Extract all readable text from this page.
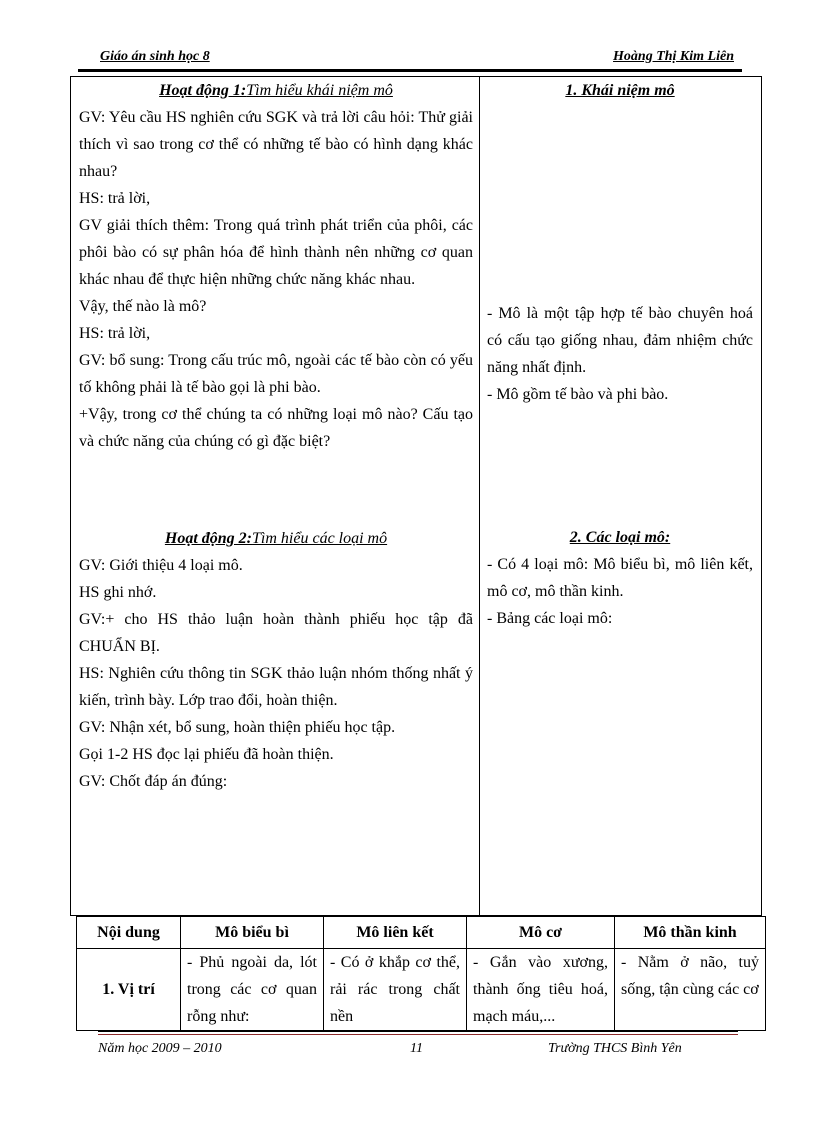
Giáo án sinh học 8	Hoàng Thị Kim Liên

Hoạt động 1:Tìm hiểu khái niệm mô

GV: Yêu cầu HS nghiên cứu SGK và trả lời câu hỏi: Thử giải thích vì sao trong cơ thể có những tế bào có hình dạng khác nhau?

HS: trả lời,

GV giải thích thêm: Trong quá trình phát triển của phôi, các phôi bào có sự phân hóa để hình thành nên những cơ quan khác nhau để thực hiện những chức năng khác nhau.

Vậy, thế nào là mô?

HS: trả lời,

GV: bổ sung: Trong cấu trúc mô, ngoài các tế bào còn có yếu tố không phải là tế bào gọi là phi bào.

+Vậy, trong cơ thể chúng ta có những loại mô nào? Cấu tạo và chức năng của chúng có gì đặc biệt?

Hoạt động 2:Tìm hiểu các loại mô

GV: Giới thiệu 4 loại mô.

HS ghi nhớ.

GV:+ cho HS thảo luận hoàn thành phiếu học tập đã CHUẨN BỊ.

HS: Nghiên cứu thông tin SGK thảo luận nhóm thống nhất ý kiến, trình bày. Lớp trao đổi, hoàn thiện.

GV: Nhận xét, bổ sung, hoàn thiện phiếu học tập.

Gọi 1-2 HS đọc lại phiếu đã hoàn thiện.

GV: Chốt đáp án đúng:

1. Khái niệm mô

- Mô là một tập hợp tế bào chuyên hoá có cấu tạo giống nhau, đảm nhiệm chức năng nhất định.

- Mô gồm tế bào và phi bào.

2. Các loại mô:

- Có 4 loại mô: Mô biểu bì, mô liên kết, mô cơ, mô thần kinh.

- Bảng các loại mô:

Nội dung	Mô biểu bì	Mô liên kết	Mô cơ	Mô thần kinh
1. Vị trí	- Phủ ngoài da, lót trong các cơ quan rỗng như:	- Có ở khắp cơ thể, rải rác trong chất nền	- Gắn vào xương, thành ống tiêu hoá, mạch máu,...	- Nằm ở não, tuỷ sống, tận cùng các cơ
Năm học 2009 – 2010	11	Trường THCS Bình Yên
